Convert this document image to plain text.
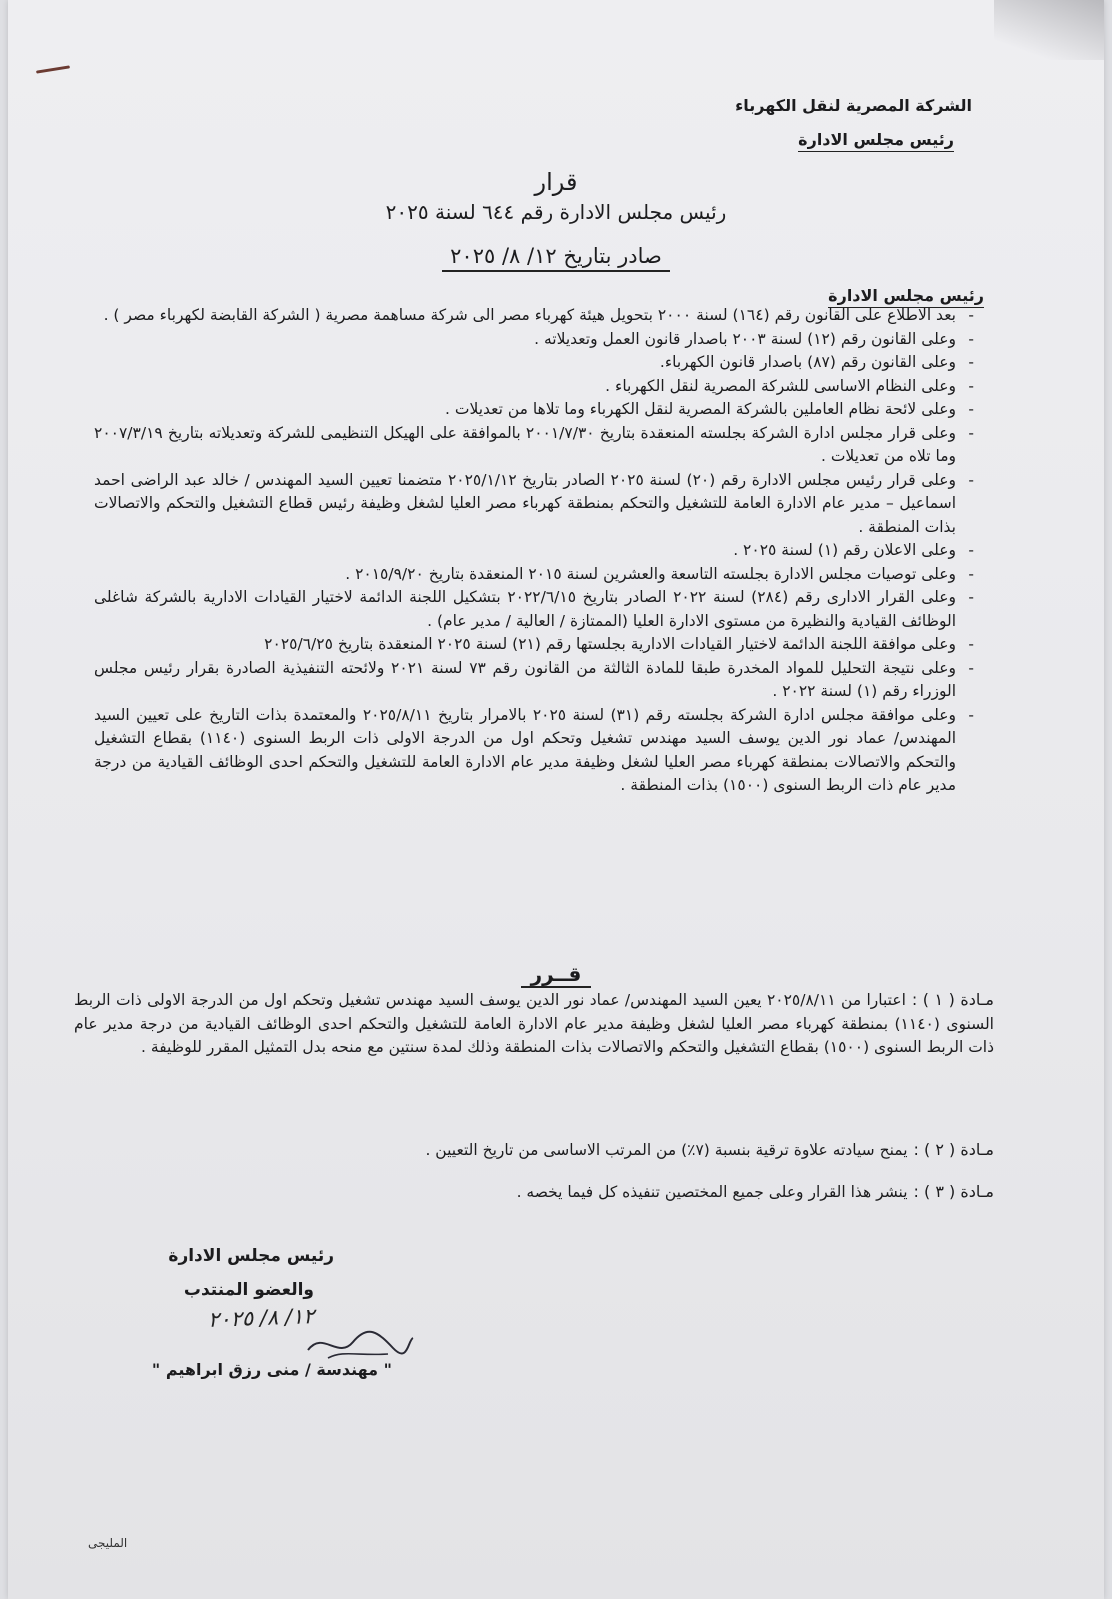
الشركة المصرية لنقل الكهرباء
رئيس مجلس الادارة
قرار
رئيس مجلس الادارة رقم ٦٤٤ لسنة ٢٠٢٥
صادر بتاريخ ١٢/ ٨/ ٢٠٢٥
رئيس مجلس الادارة
- بعد الاطلاع على القانون رقم (١٦٤) لسنة ٢٠٠٠ بتحويل هيئة كهرباء مصر الى شركة مساهمة مصرية ( الشركة القابضة لكهرباء مصر ) .
- وعلى القانون رقم (١٢) لسنة ٢٠٠٣ باصدار قانون العمل وتعديلاته .
- وعلى القانون رقم (٨٧) باصدار قانون الكهرباء.
- وعلى النظام الاساسى للشركة المصرية لنقل الكهرباء .
- وعلى لائحة نظام العاملين بالشركة المصرية لنقل الكهرباء وما تلاها من تعديلات .
- وعلى قرار مجلس ادارة الشركة بجلسته المنعقدة بتاريخ ٢٠٠١/٧/٣٠ بالموافقة على الهيكل التنظيمى للشركة وتعديلاته بتاريخ ٢٠٠٧/٣/١٩ وما تلاه من تعديلات .
- وعلى قرار رئيس مجلس الادارة رقم (٢٠) لسنة ٢٠٢٥ الصادر بتاريخ ٢٠٢٥/١/١٢ متضمنا تعيين السيد المهندس / خالد عبد الراضى احمد اسماعيل – مدير عام الادارة العامة للتشغيل والتحكم بمنطقة كهرباء مصر العليا لشغل وظيفة رئيس قطاع التشغيل والتحكم والاتصالات بذات المنطقة .
- وعلى الاعلان رقم (١) لسنة ٢٠٢٥ .
- وعلى توصيات مجلس الادارة بجلسته التاسعة والعشرين لسنة ٢٠١٥ المنعقدة بتاريخ ٢٠١٥/٩/٢٠ .
- وعلى القرار الادارى رقم (٢٨٤) لسنة ٢٠٢٢ الصادر بتاريخ ٢٠٢٢/٦/١٥ بتشكيل اللجنة الدائمة لاختيار القيادات الادارية بالشركة شاغلى الوظائف القيادية والنظيرة من مستوى الادارة العليا (الممتازة / العالية / مدير عام) .
- وعلى موافقة اللجنة الدائمة لاختيار القيادات الادارية بجلستها رقم (٢١) لسنة ٢٠٢٥ المنعقدة بتاريخ ٢٠٢٥/٦/٢٥
- وعلى نتيجة التحليل للمواد المخدرة طبقا للمادة الثالثة من القانون رقم ٧٣ لسنة ٢٠٢١ ولائحته التنفيذية الصادرة بقرار رئيس مجلس الوزراء رقم (١) لسنة ٢٠٢٢ .
- وعلى موافقة مجلس ادارة الشركة بجلسته رقم (٣١) لسنة ٢٠٢٥ بالامرار بتاريخ ٢٠٢٥/٨/١١ والمعتمدة بذات التاريخ على تعيين السيد المهندس/ عماد نور الدين يوسف السيد مهندس تشغيل وتحكم اول من الدرجة الاولى ذات الربط السنوى (١١٤٠) بقطاع التشغيل والتحكم والاتصالات بمنطقة كهرباء مصر العليا لشغل وظيفة مدير عام الادارة العامة للتشغيل والتحكم احدى الوظائف القيادية من درجة مدير عام ذات الربط السنوى (١٥٠٠) بذات المنطقة .
قــرر
مـادة ( ١ ) :اعتبارا من ٢٠٢٥/٨/١١ يعين السيد المهندس/ عماد نور الدين يوسف السيد مهندس تشغيل وتحكم اول من الدرجة الاولى ذات الربط السنوى (١١٤٠) بمنطقة كهرباء مصر العليا لشغل وظيفة مدير عام الادارة العامة للتشغيل والتحكم احدى الوظائف القيادية من درجة مدير عام ذات الربط السنوى (١٥٠٠) بقطاع التشغيل والتحكم والاتصالات بذات المنطقة وذلك لمدة سنتين مع منحه بدل التمثيل المقرر للوظيفة .
مـادة ( ٢ ) :يمنح سيادته علاوة ترقية بنسبة (٧٪) من المرتب الاساسى من تاريخ التعيين .
مـادة ( ٣ ) :ينشر هذا القرار وعلى جميع المختصين تنفيذه كل فيما يخصه .
رئيس مجلس الادارة
والعضو المنتدب
١٢/ ٨/ ٢٠٢٥
" مهندسة / منى رزق ابراهيم "
المليجى
